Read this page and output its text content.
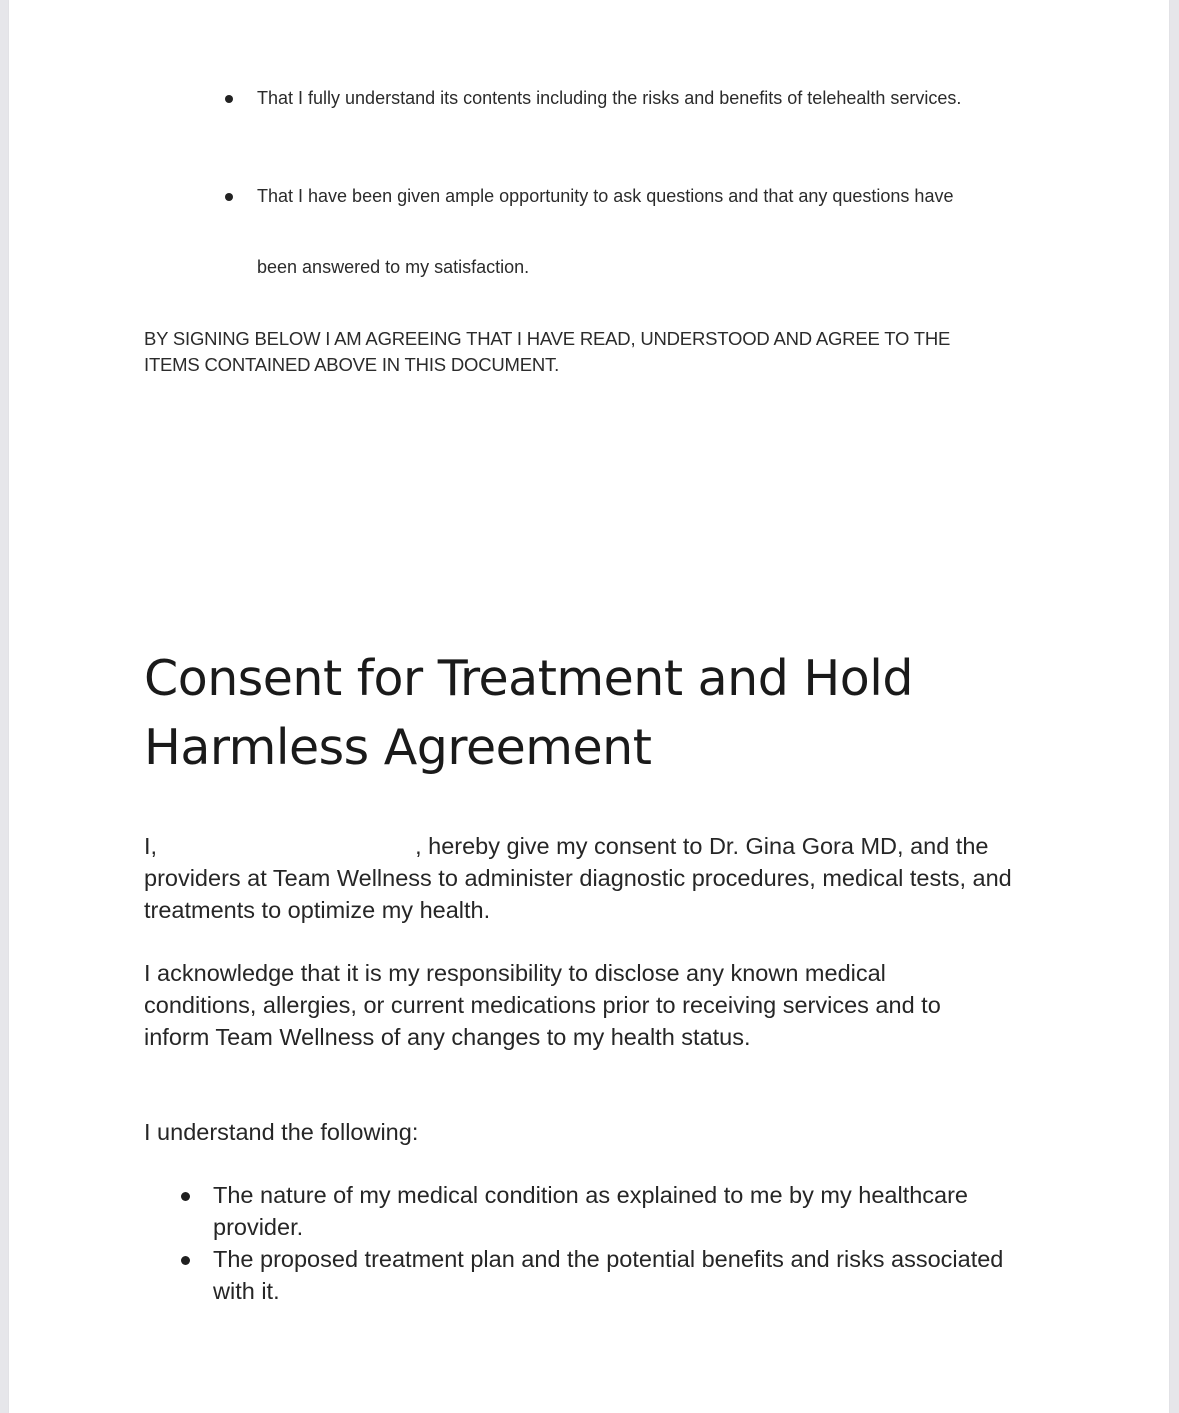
That I fully understand its contents including the risks and benefits of telehealth services.

That I have been given ample opportunity to ask questions and that any questions have

been answered to my satisfaction.

BY SIGNING BELOW I AM AGREEING THAT I HAVE READ, UNDERSTOOD AND AGREE TO THE ITEMS CONTAINED ABOVE IN THIS DOCUMENT.

Consent for Treatment and Hold
Harmless Agreement

I,	, hereby give my consent to Dr. Gina Gora MD, and the providers at Team Wellness to administer diagnostic procedures, medical tests, and treatments to optimize my health.

I acknowledge that it is my responsibility to disclose any known medical conditions, allergies, or current medications prior to receiving services and to inform Team Wellness of any changes to my health status.

I understand the following:

The nature of my medical condition as explained to me by my healthcare

provider.

The proposed treatment plan and the potential benefits and risks associated

with it.
